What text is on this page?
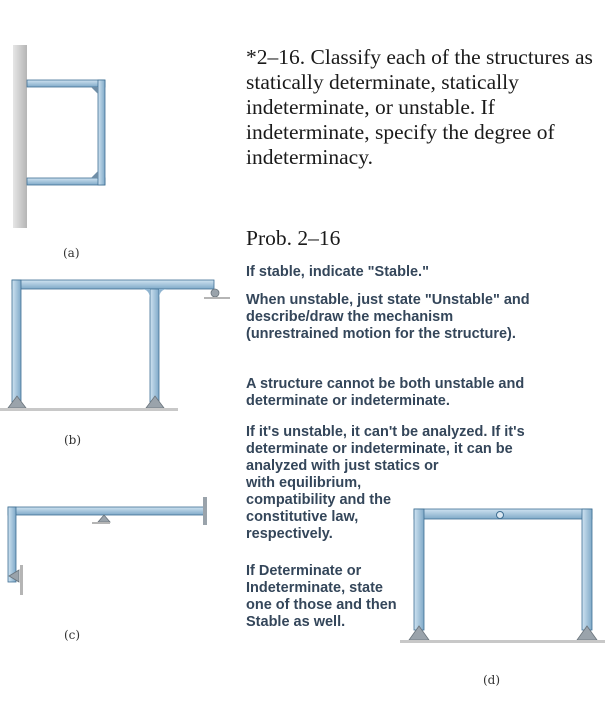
(a)
(b)
(c)
(d)

*2–16. Classify each of the structures as statically determinate, statically indeterminate, or unstable. If indeterminate, specify the degree of indeterminacy.

Prob. 2–16

If stable, indicate "Stable."

When unstable, just state "Unstable" and describe/draw the mechanism (unrestrained motion for the structure).

A structure cannot be both unstable and determinate or indeterminate.

If it's unstable, it can't be analyzed. If it's determinate or indeterminate, it can be analyzed with just statics or

with equilibrium, compatibility and the constitutive law, respectively.

If Determinate or Indeterminate, state one of those and then Stable as well.
